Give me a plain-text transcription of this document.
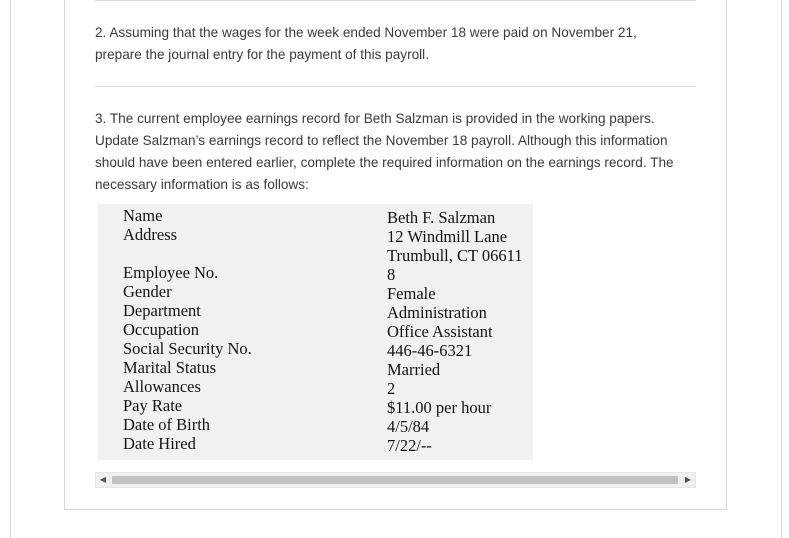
2. Assuming that the wages for the week ended November 18 were paid on November 21,
prepare the journal entry for the payment of this payroll.

3. The current employee earnings record for Beth Salzman is provided in the working papers.
Update Salzman’s earnings record to reflect the November 18 payroll. Although this information
should have been entered earlier, complete the required information on the earnings record. The
necessary information is as follows:

Name
Address
Employee No.
Gender
Department
Occupation
Social Security No.
Marital Status
Allowances
Pay Rate
Date of Birth
Date Hired
Beth F. Salzman
12 Windmill Lane
Trumbull, CT 06611
8
Female
Administration
Office Assistant
446-46-6321
Married
2
$11.00 per hour
4/5/84
7/22/--
◀	▶
